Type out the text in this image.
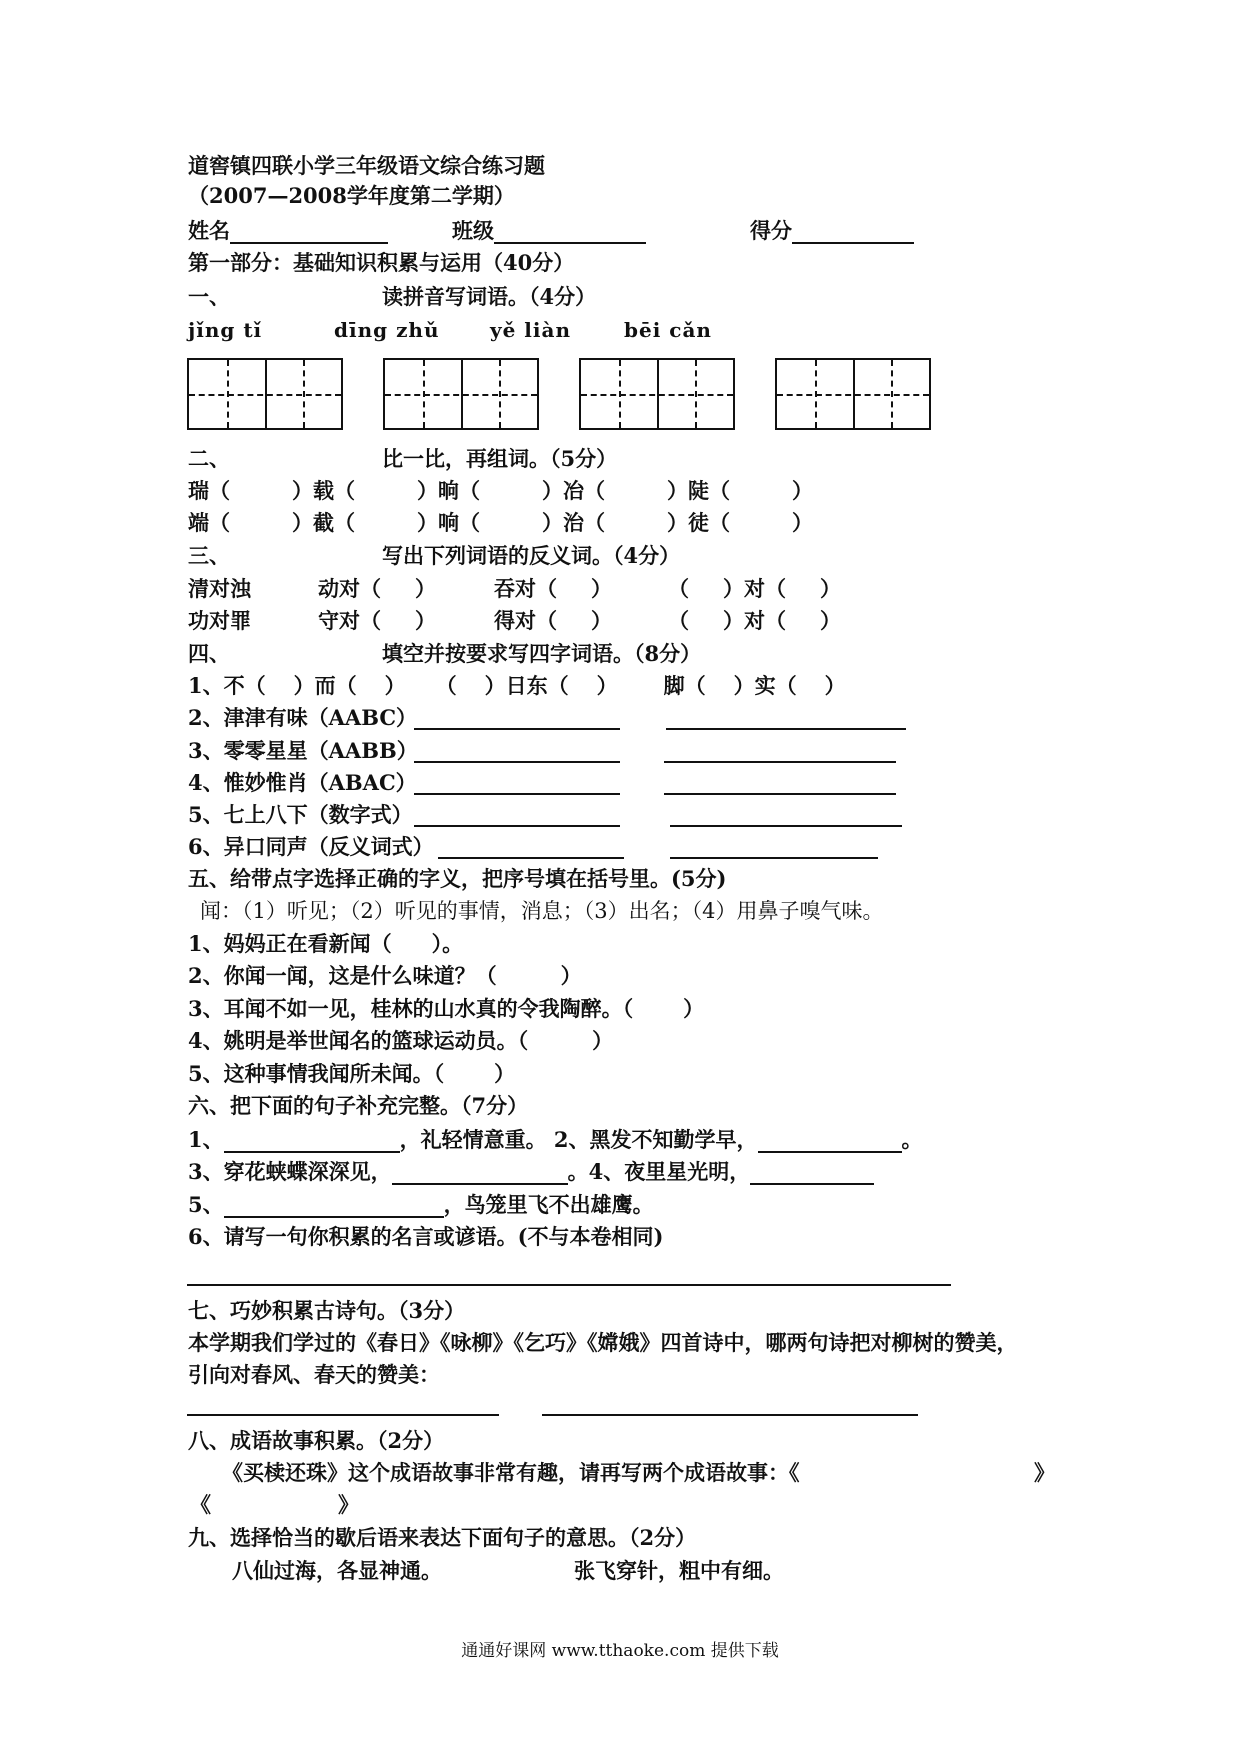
道窖镇四联小学三年级语文综合练习题
（2007—2008学年度第二学期）
姓名	班级	得分
第一部分：基础知识积累与运用（40分）
一、	读拼音写词语。（4分）
jǐng tǐ	dīng zhǔ	yě liàn	bēi cǎn
二、	比一比，再组词。（5分）
瑞（	）载（	）晌（	）冶（	）陡（	）
端（	）截（	）响（	）治（	）徒（	）
三、	写出下列词语的反义词。（4分）
清对浊	动对（ ）	吞对（ ）	（ ）对（ ）
功对罪	守对（ ）	得对（ ）	（ ）对（ ）
四、	填空并按要求写四字词语。（8分）
1、不（ ）而（ ） （ ）日东（ ） 脚（ ）实（ ）
2、津津有味（AABC）
3、零零星星（AABB）
4、惟妙惟肖（ABAC）
5、七上八下（数字式）
6、异口同声（反义词式）
五、给带点字选择正确的字义，把序号填在括号里。(5分)
闻：（1）听见；（2）听见的事情，消息；（3）出名；（4）用鼻子嗅气味。
1、妈妈正在看新闻（ ）。
2、你闻一闻，这是什么味道？（	）
3、耳闻不如一见，桂林的山水真的令我陶醉。（ ）
4、姚明是举世闻名的篮球运动员。（	）
5、这种事情我闻所未闻。（ ）
六、把下面的句子补充完整。（7分）
1、	，礼轻情意重。 2、黑发不知勤学早，	。
3、穿花蛱蝶深深见，	。4、夜里星光明，
5、	，鸟笼里飞不出雄鹰。
6、请写一句你积累的名言或谚语。(不与本卷相同)
七、巧妙积累古诗句。（3分）
本学期我们学过的《春日》《咏柳》《乞巧》《嫦娥》四首诗中，哪两句诗把对柳树的赞美，
引向对春风、春天的赞美：
八、成语故事积累。（2分）
《买椟还珠》这个成语故事非常有趣，请再写两个成语故事：《	》
《	》
九、选择恰当的歇后语来表达下面句子的意思。（2分）
八仙过海，各显神通。	张飞穿针，粗中有细。
通通好课网 www.tthaoke.com 提供下载
